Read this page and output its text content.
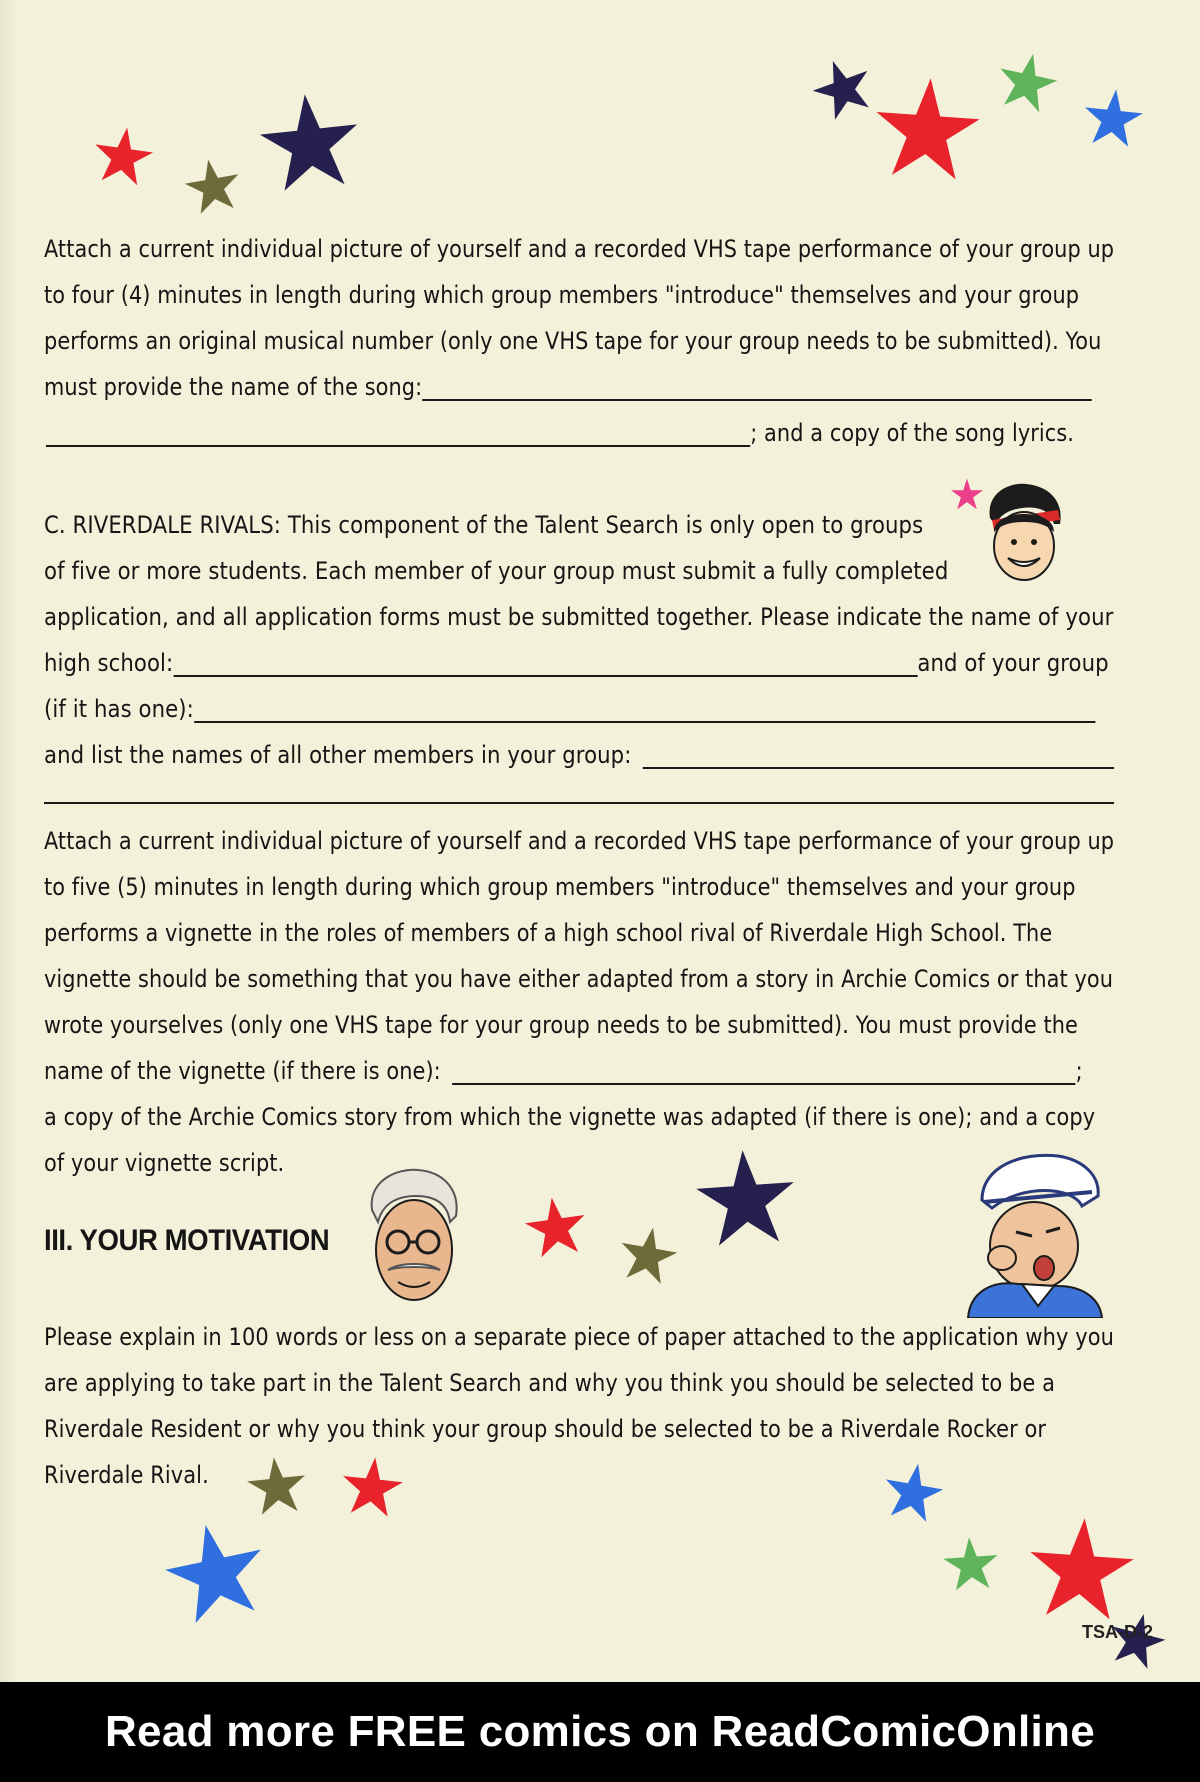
Attach a current individual picture of yourself and a recorded VHS tape performance of your group up
to four (4) minutes in length during which group members "introduce" themselves and your group
performs an original musical number (only one VHS tape for your group needs to be submitted). You
must provide the name of the song:
; and a copy of the song lyrics.
C. RIVERDALE RIVALS: This component of the Talent Search is only open to groups
of five or more students. Each member of your group must submit a fully completed
application, and all application forms must be submitted together. Please indicate the name of your
high school:	and of your group
(if it has one):
and list the names of all other members in your group:
Attach a current individual picture of yourself and a recorded VHS tape performance of your group up
to five (5) minutes in length during which group members "introduce" themselves and your group
performs a vignette in the roles of members of a high school rival of Riverdale High School. The
vignette should be something that you have either adapted from a story in Archie Comics or that you
wrote yourselves (only one VHS tape for your group needs to be submitted). You must provide the
name of the vignette (if there is one):	;
a copy of the Archie Comics story from which the vignette was adapted (if there is one); and a copy
of your vignette script.
III. YOUR MOTIVATION
Please explain in 100 words or less on a separate piece of paper attached to the application why you
are applying to take part in the Talent Search and why you think you should be selected to be a
Riverdale Resident or why you think your group should be selected to be a Riverdale Rocker or
Riverdale Rival.
TSA-D-2
Read more FREE comics on ReadComicOnline
